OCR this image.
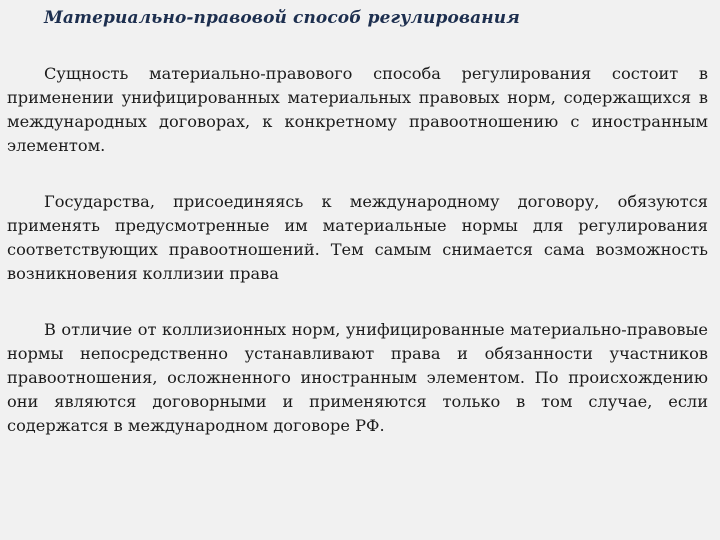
Материально-правовой способ регулирования

Сущность материально-правового способа регулирования состоит в применении унифицированных материальных правовых норм, содержащихся в международных договорах, к конкретному правоотношению с иностранным элементом.

Государства, присоединяясь к международному договору, обязуются применять предусмотренные им материальные нормы для регулирования соответствующих правоотношений. Тем самым снимается сама возможность возникновения коллизии права

В отличие от коллизионных норм, унифицированные материально-правовые нормы непосредственно устанавливают права и обязанности участников правоотношения, осложненного иностранным элементом. По происхождению они являются договорными и применяются только в том случае, если содержатся в международном договоре РФ.
